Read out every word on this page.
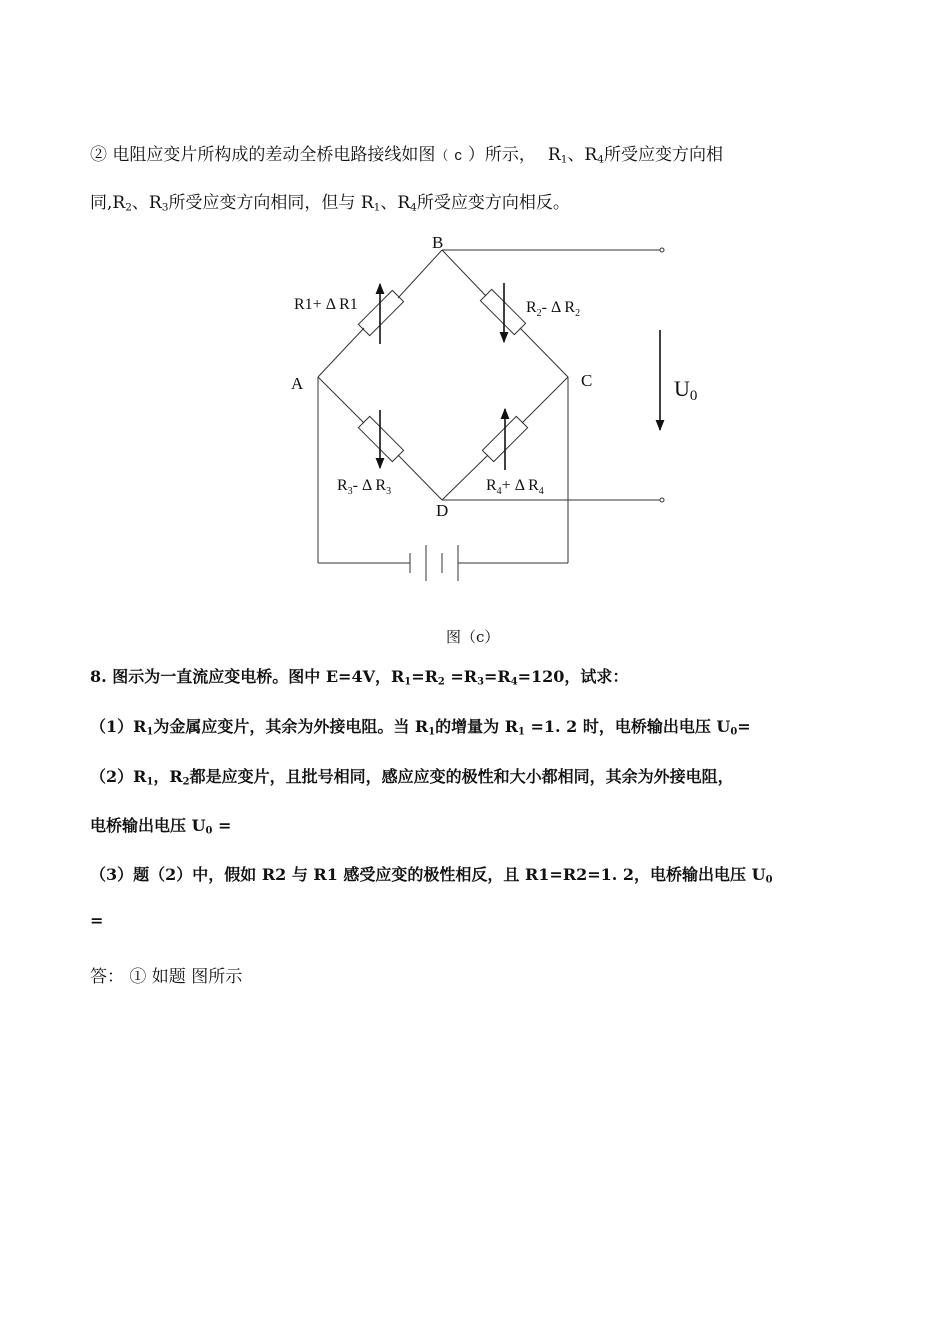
② 电阻应变片所构成的差动全桥电路接线如图（ c ）所示， $R_1$、$R_4$所受应变方向相
同$,R_2$、$R_3$所受应变方向相同，但与 $R_1$、$R_4$所受应变方向相反。
B
A	C
D
R1+ Δ R1	$R_2-$ Δ $R_2$
$R_3-$ Δ $R_3$	$R_4+ \Delta$ $R_4$
U0
图（c）
8. 图示为一直流应变电桥。图中 E=4V，$R_1=R_2 =R_3=R_4=120$，试求：
$(1)R_1$为金属应变片，其余为外接电阻。当 $R_1$的增量为 $R_1 =1$. 2 时，电桥输出电压 $U_0=$
$(2)R_1$，$R_2$都是应变片，且批号相同，感应应变的极性和大小都相同，其余为外接电阻，
电桥输出电压 $U_0$ =
（3）题（2）中，假如 R2 与 R1 感受应变的极性相反，且 R1=R2=1. 2，电桥输出电压 $U_0$
=
答： ① 如题 图所示
